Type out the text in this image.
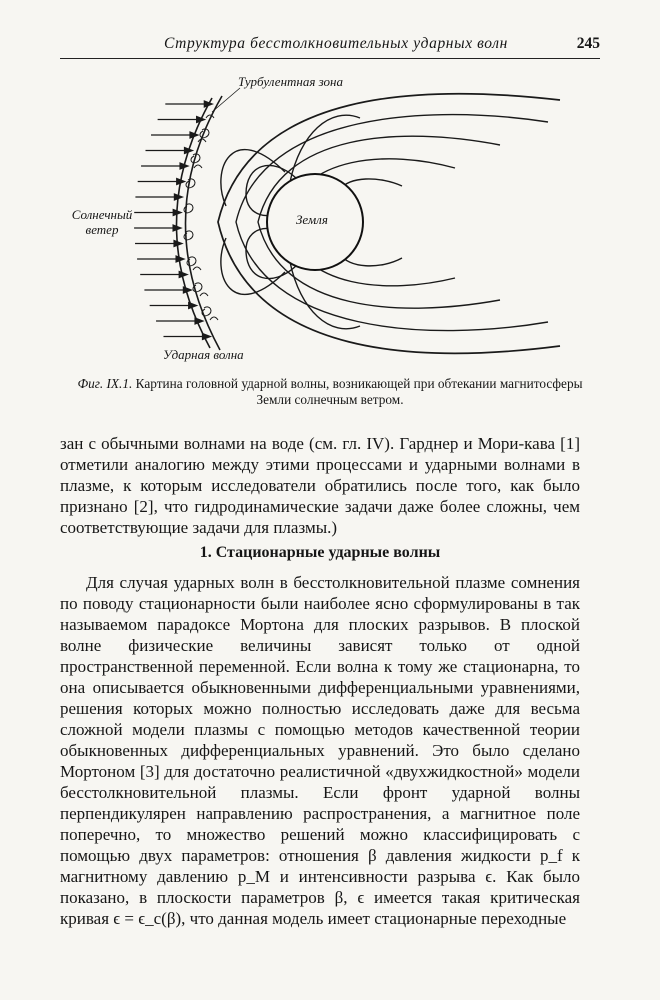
Структура бесстолкновительных ударных волн	245
Турбулентная зона
Солнечный
ветер
Ударная волна
Земля
Фиг. IX.1. Картина головной ударной волны, возникающей при обтекании магнитосферы Земли солнечным ветром.
зан с обычными волнами на воде (см. гл. IV). Гарднер и Мори-кава [1] отметили аналогию между этими процессами и ударными волнами в плазме, к которым исследователи обратились после того, как было признано [2], что гидродинамические задачи даже более сложны, чем соответствующие задачи для плазмы.)
1. Стационарные ударные волны
Для случая ударных волн в бесстолкновительной плазме сомнения по поводу стационарности были наиболее ясно сформулированы в так называемом парадоксе Мортона для плоских разрывов. В плоской волне физические величины зависят только от одной пространственной переменной. Если волна к тому же стационарна, то она описывается обыкновенными дифференциальными уравнениями, решения которых можно полностью исследовать даже для весьма сложной модели плазмы с помощью методов качественной теории обыкновенных дифференциальных уравнений. Это было сделано Мортоном [3] для достаточно реалистичной «двухжидкостной» модели бесстолкновительной плазмы. Если фронт ударной волны перпендикулярен направлению распространения, а магнитное поле поперечно, то множество решений можно классифицировать с помощью двух параметров: отношения β давления жидкости p_f к магнитному давлению p_M и интенсивности разрыва ϵ. Как было показано, в плоскости параметров β, ϵ имеется такая критическая кривая ϵ = ϵ_c(β), что данная модель имеет стационарные переходные
